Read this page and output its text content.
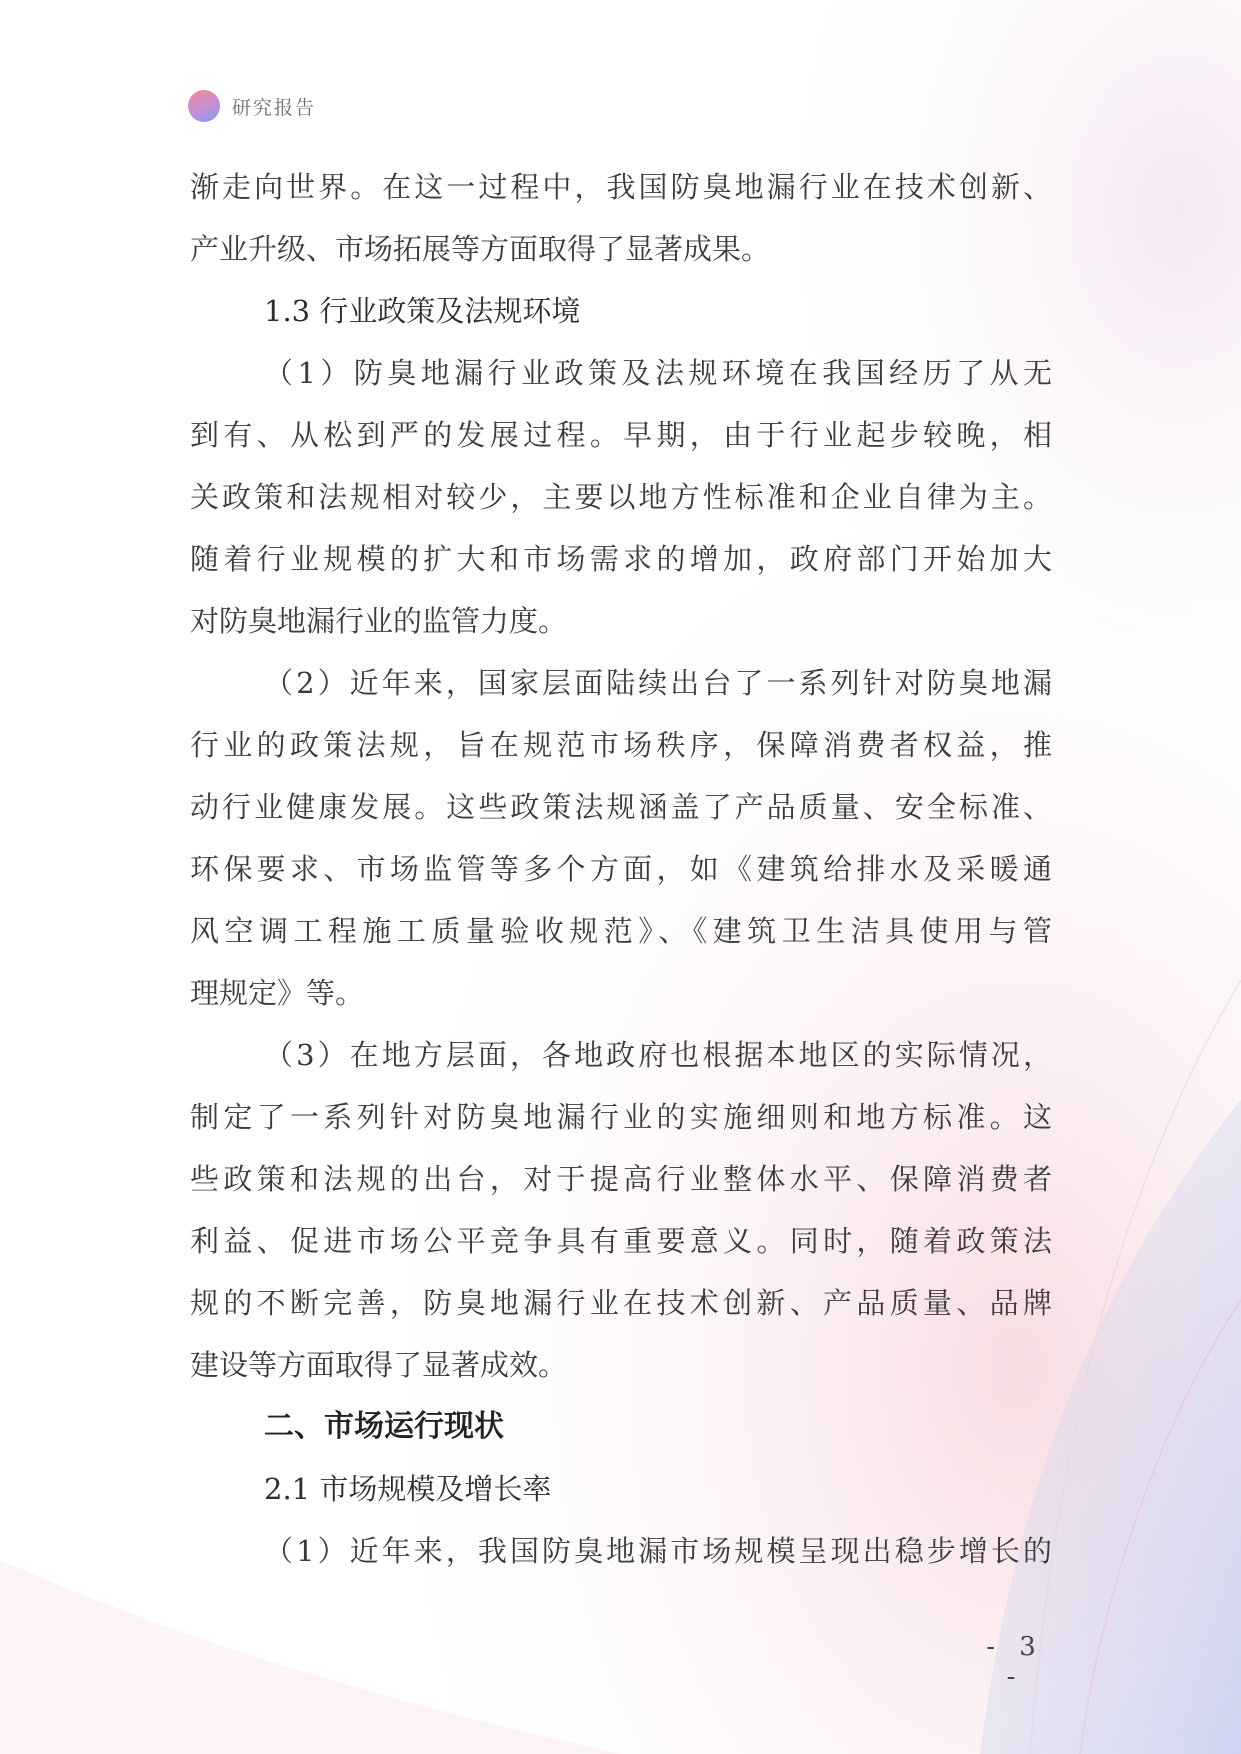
研究报告
渐走向世界。在这一过程中，我国防臭地漏行业在技术创新、
产业升级、市场拓展等方面取得了显著成果。
1.3 行业政策及法规环境
（1）防臭地漏行业政策及法规环境在我国经历了从无
到有、从松到严的发展过程。早期，由于行业起步较晚，相
关政策和法规相对较少，主要以地方性标准和企业自律为主。
随着行业规模的扩大和市场需求的增加，政府部门开始加大
对防臭地漏行业的监管力度。
（2）近年来，国家层面陆续出台了一系列针对防臭地漏
行业的政策法规，旨在规范市场秩序，保障消费者权益，推
动行业健康发展。这些政策法规涵盖了产品质量、安全标准、
环保要求、市场监管等多个方面，如《建筑给排水及采暖通
风空调工程施工质量验收规范》、《建筑卫生洁具使用与管
理规定》等。
（3）在地方层面，各地政府也根据本地区的实际情况，
制定了一系列针对防臭地漏行业的实施细则和地方标准。这
些政策和法规的出台，对于提高行业整体水平、保障消费者
利益、促进市场公平竞争具有重要意义。同时，随着政策法
规的不断完善，防臭地漏行业在技术创新、产品质量、品牌
建设等方面取得了显著成效。
二、市场运行现状
2.1 市场规模及增长率
（1）近年来，我国防臭地漏市场规模呈现出稳步增长的
- 3 -
